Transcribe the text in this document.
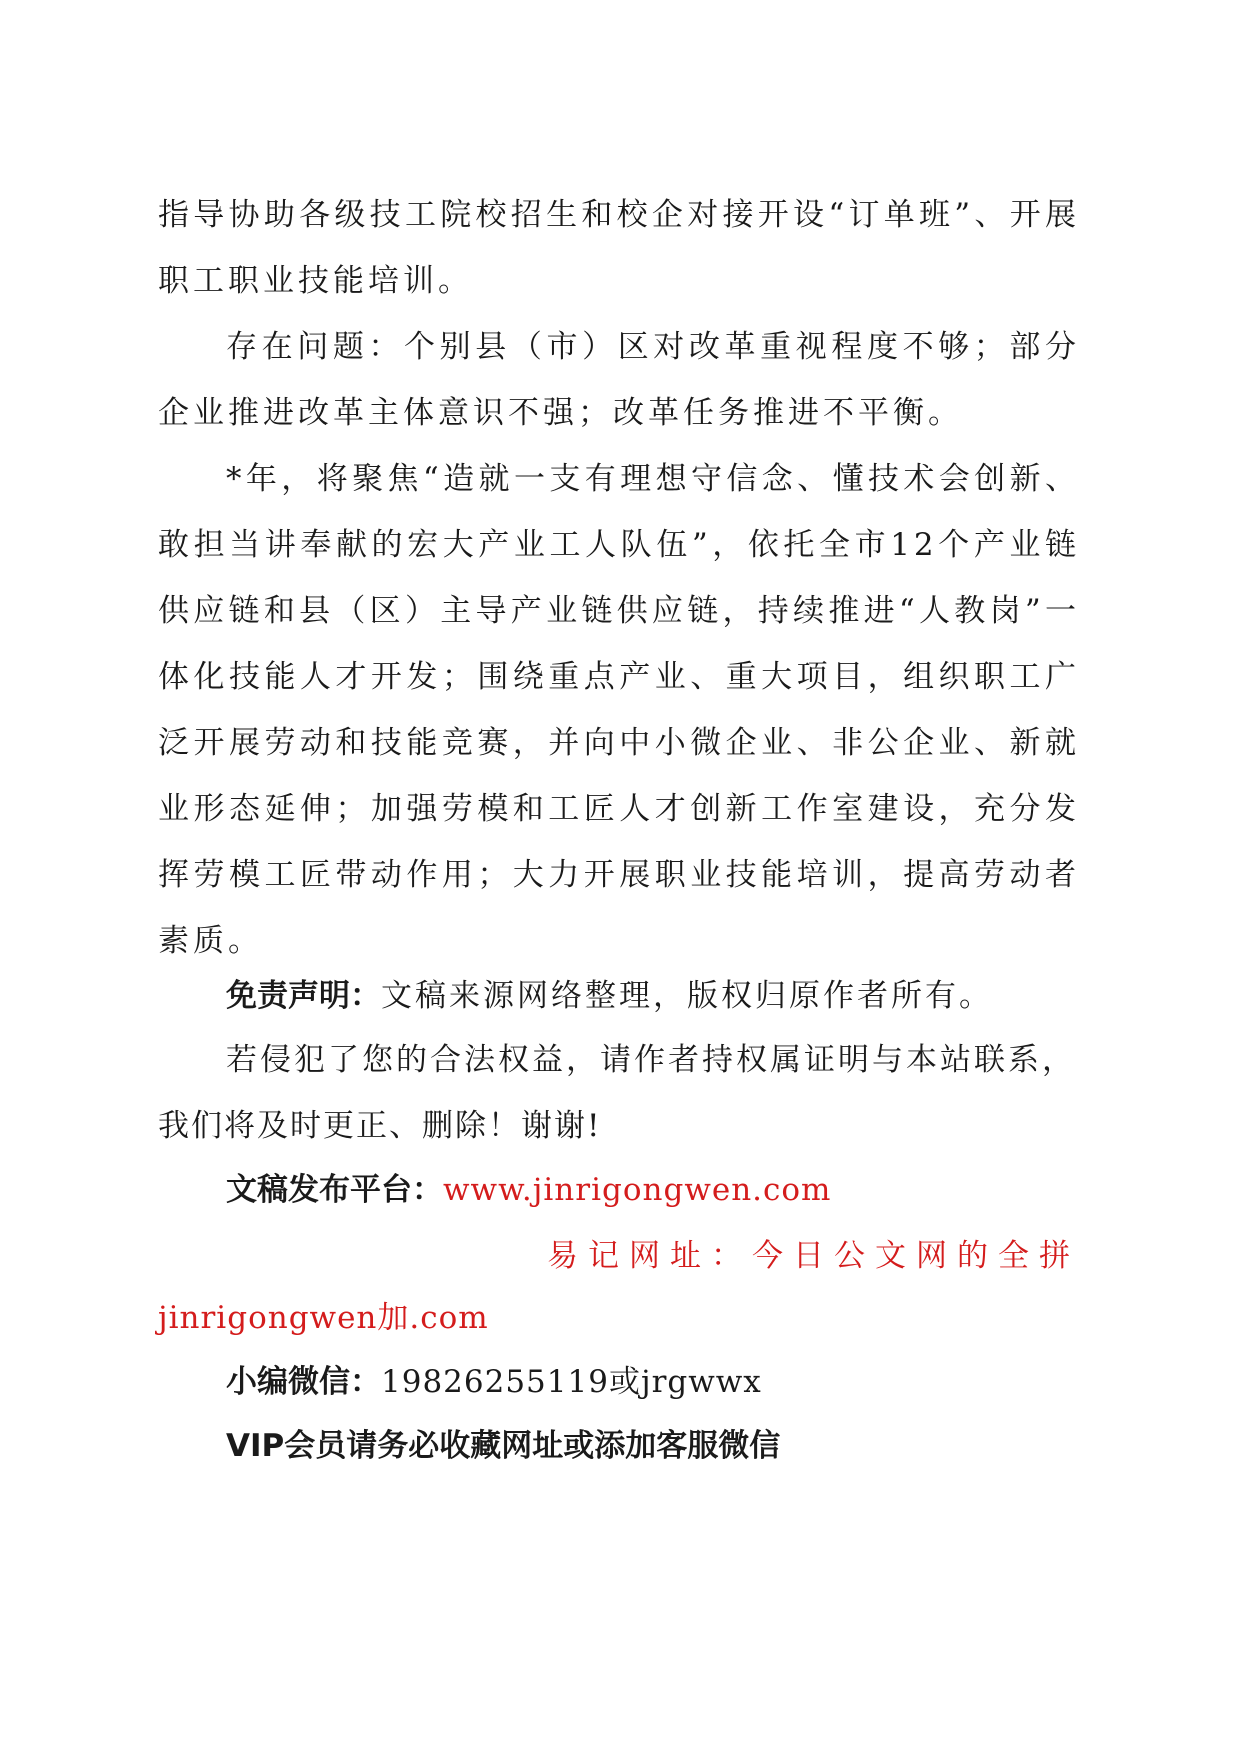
指导协助各级技工院校招生和校企对接开设“订单班”、开展职工职业技能培训。

存在问题：个别县（市）区对改革重视程度不够；部分企业推进改革主体意识不强；改革任务推进不平衡。

*年，将聚焦“造就一支有理想守信念、懂技术会创新、敢担当讲奉献的宏大产业工人队伍”，依托全市12个产业链供应链和县（区）主导产业链供应链，持续推进“人教岗”一体化技能人才开发；围绕重点产业、重大项目，组织职工广泛开展劳动和技能竞赛，并向中小微企业、非公企业、新就业形态延伸；加强劳模和工匠人才创新工作室建设，充分发挥劳模工匠带动作用；大力开展职业技能培训，提高劳动者素质。

免责声明：文稿来源网络整理，版权归原作者所有。
若侵犯了您的合法权益，请作者持权属证明与本站联系，
我们将及时更正、删除！谢谢!
文稿发布平台：www.jinrigongwen.com
易记网址：今日公文网的全拼
jinrigongwen加.com
小编微信：19826255119或jrgwwx
VIP会员请务必收藏网址或添加客服微信
